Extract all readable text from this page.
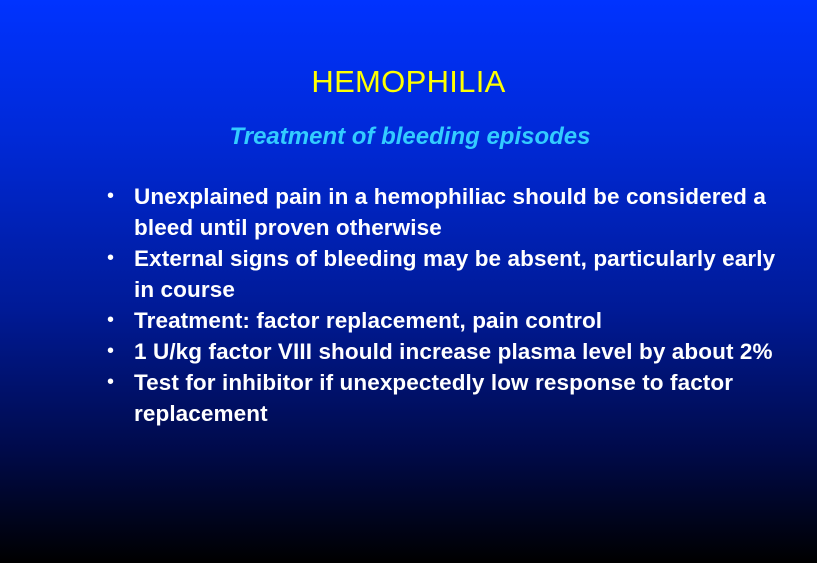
HEMOPHILIA
Treatment of bleeding episodes
• Unexplained pain in a hemophiliac should be considered a bleed until proven otherwise
• External signs of bleeding may be absent, particularly early in course
• Treatment: factor replacement, pain control
• 1 U/kg factor VIII should increase plasma level by about 2%
• Test for inhibitor if unexpectedly low response to factor replacement
